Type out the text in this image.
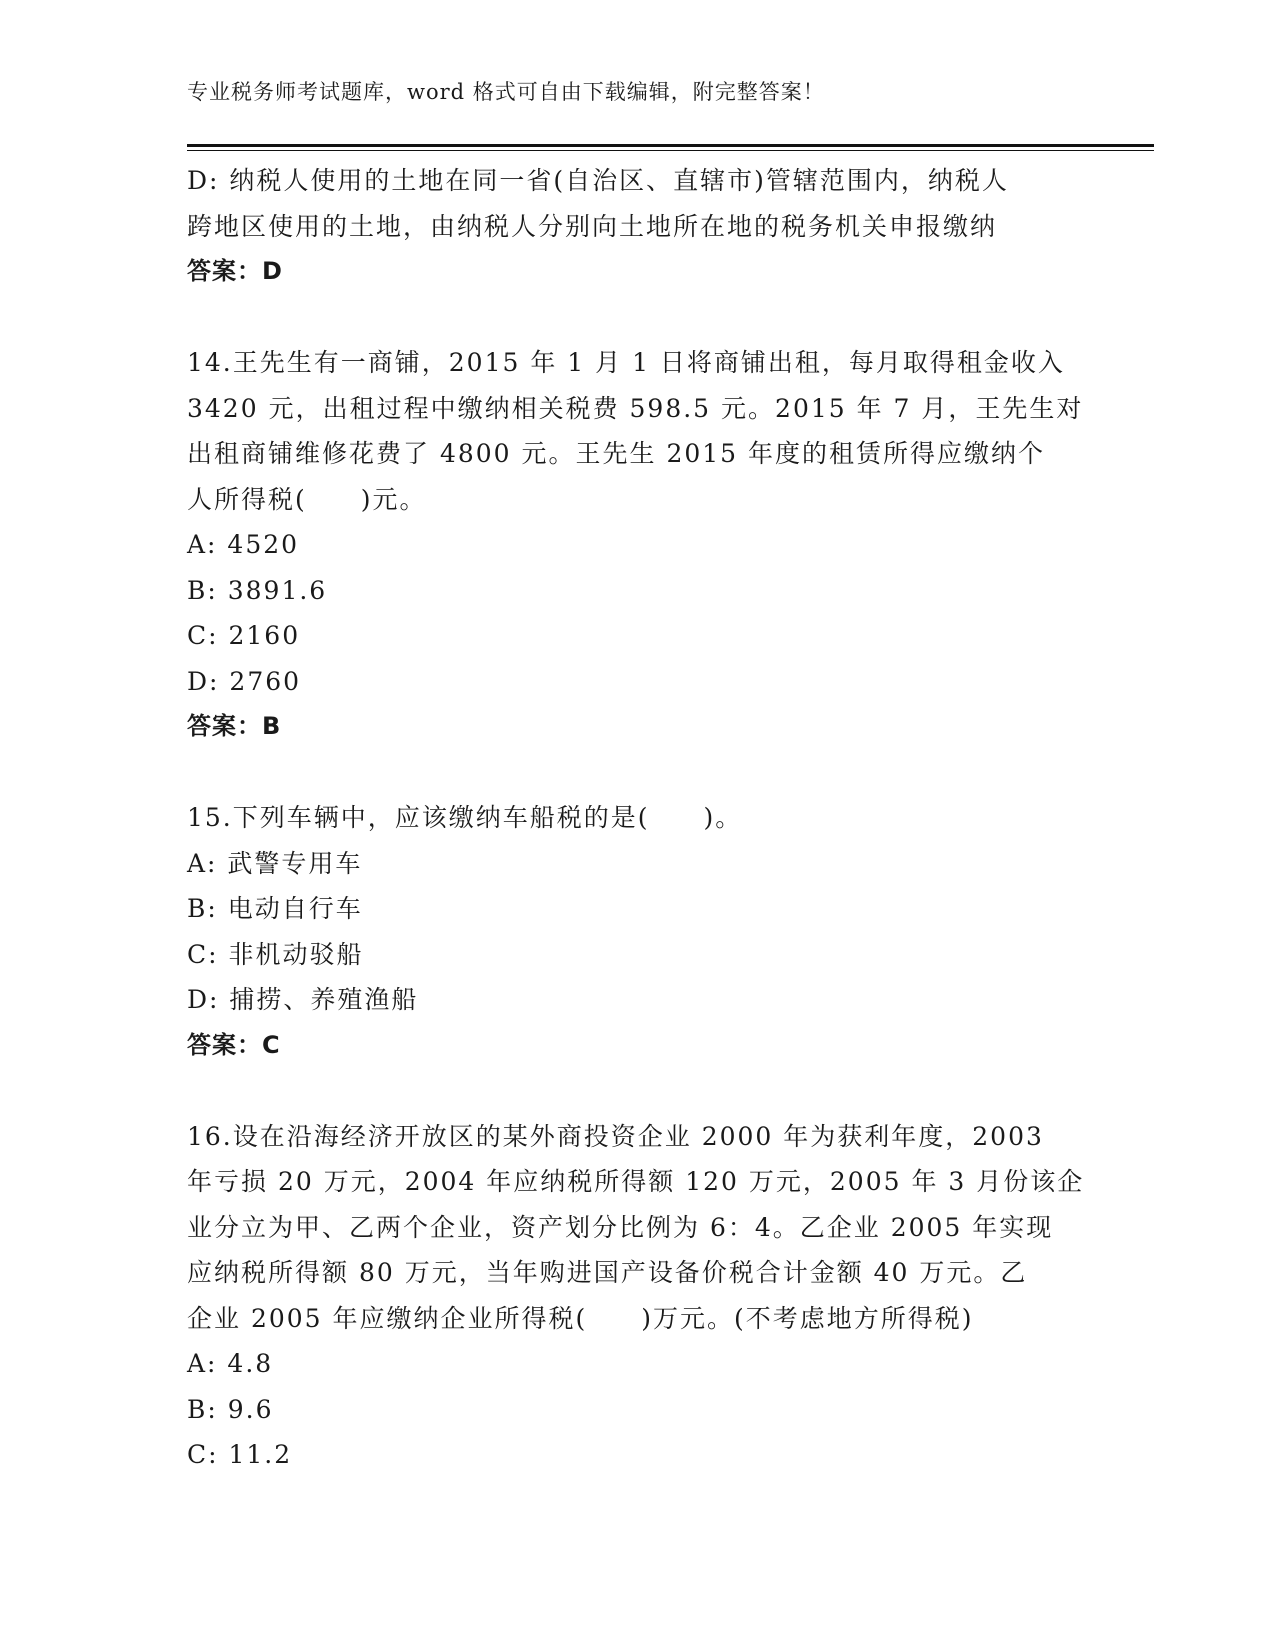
专业税务师考试题库，word 格式可自由下载编辑，附完整答案！
D: 纳税人使用的土地在同一省(自治区、直辖市)管辖范围内，纳税人
跨地区使用的土地，由纳税人分别向土地所在地的税务机关申报缴纳
答案：D
14.王先生有一商铺，2015 年 1 月 1 日将商铺出租，每月取得租金收入
3420 元，出租过程中缴纳相关税费 598.5 元。2015 年 7 月，王先生对
出租商铺维修花费了 4800 元。王先生 2015 年度的租赁所得应缴纳个
人所得税(　　)元。
A: 4520
B: 3891.6
C: 2160
D: 2760
答案：B
15.下列车辆中，应该缴纳车船税的是(　　)。
A: 武警专用车
B: 电动自行车
C: 非机动驳船
D: 捕捞、养殖渔船
答案：C
16.设在沿海经济开放区的某外商投资企业 2000 年为获利年度，2003
年亏损 20 万元，2004 年应纳税所得额 120 万元，2005 年 3 月份该企
业分立为甲、乙两个企业，资产划分比例为 6：4。乙企业 2005 年实现
应纳税所得额 80 万元，当年购进国产设备价税合计金额 40 万元。乙
企业 2005 年应缴纳企业所得税(　　)万元。(不考虑地方所得税)
A: 4.8
B: 9.6
C: 11.2
